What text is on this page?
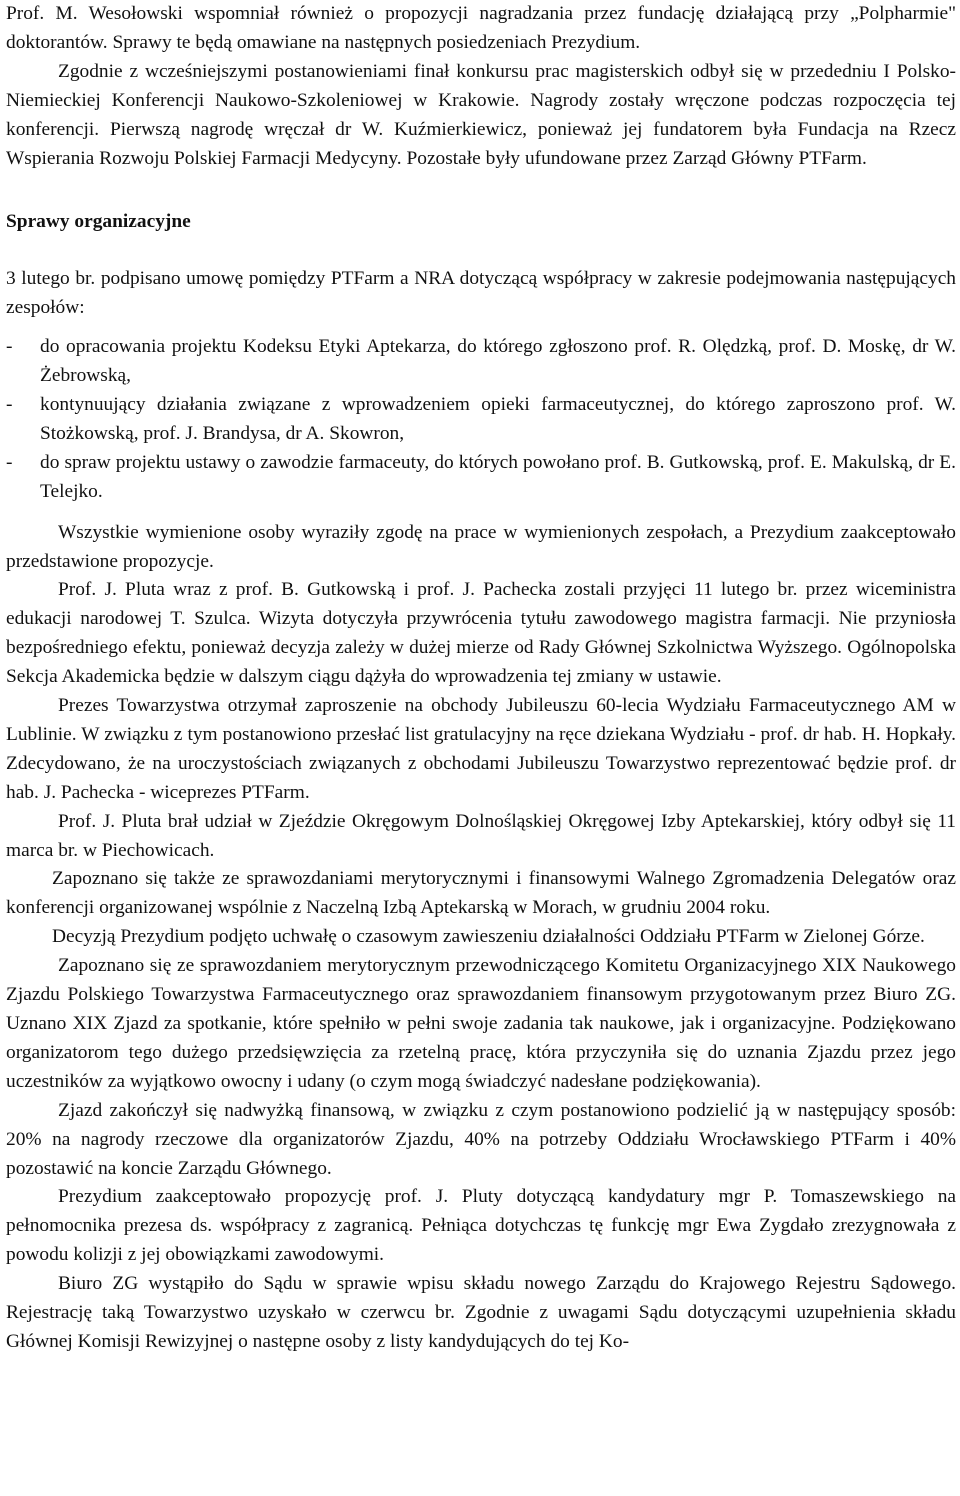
Prof. M. Wesołowski wspomniał również o propozycji nagradzania przez fundację działającą przy „Polpharmie" doktorantów. Sprawy te będą omawiane na następnych posiedzeniach Prezydium.

Zgodnie z wcześniejszymi postanowieniami finał konkursu prac magisterskich odbył się w przededniu I Polsko-Niemieckiej Konferencji Naukowo-Szkoleniowej w Krakowie. Nagrody zostały wręczone podczas rozpoczęcia tej konferencji. Pierwszą nagrodę wręczał dr W. Kuźmierkiewicz, ponieważ jej fundatorem była Fundacja na Rzecz Wspierania Rozwoju Polskiej Farmacji Medycyny. Pozostałe były ufundowane przez Zarząd Główny PTFarm.

Sprawy organizacyjne

3 lutego br. podpisano umowę pomiędzy PTFarm a NRA dotyczącą współpracy w zakresie podejmowania następujących zespołów:

- do opracowania projektu Kodeksu Etyki Aptekarza, do którego zgłoszono prof. R. Olędzką, prof. D. Moskę, dr W. Żebrowską,
- kontynuujący działania związane z wprowadzeniem opieki farmaceutycznej, do którego zaproszono prof. W. Stożkowską, prof. J. Brandysa, dr A. Skowron,
- do spraw projektu ustawy o zawodzie farmaceuty, do których powołano prof. B. Gutkowską, prof. E. Makulską, dr E. Telejko.

Wszystkie wymienione osoby wyraziły zgodę na prace w wymienionych zespołach, a Prezydium zaakceptowało przedstawione propozycje.

Prof. J. Pluta wraz z prof. B. Gutkowską i prof. J. Pachecka zostali przyjęci 11 lutego br. przez wiceministra edukacji narodowej T. Szulca. Wizyta dotyczyła przywrócenia tytułu zawodowego magistra farmacji. Nie przyniosła bezpośredniego efektu, ponieważ decyzja zależy w dużej mierze od Rady Głównej Szkolnictwa Wyższego. Ogólnopolska Sekcja Akademicka będzie w dalszym ciągu dążyła do wprowadzenia tej zmiany w ustawie.

Prezes Towarzystwa otrzymał zaproszenie na obchody Jubileuszu 60-lecia Wydziału Farmaceutycznego AM w Lublinie. W związku z tym postanowiono przesłać list gratulacyjny na ręce dziekana Wydziału - prof. dr hab. H. Hopkały. Zdecydowano, że na uroczystościach związanych z obchodami Jubileuszu Towarzystwo reprezentować będzie prof. dr hab. J. Pachecka - wiceprezes PTFarm.

Prof. J. Pluta brał udział w Zjeździe Okręgowym Dolnośląskiej Okręgowej Izby Aptekarskiej, który odbył się 11 marca br. w Piechowicach.

Zapoznano się także ze sprawozdaniami merytorycznymi i finansowymi Walnego Zgromadzenia Delegatów oraz konferencji organizowanej wspólnie z Naczelną Izbą Aptekarską w Morach, w grudniu 2004 roku.

Decyzją Prezydium podjęto uchwałę o czasowym zawieszeniu działalności Oddziału PTFarm w Zielonej Górze.

Zapoznano się ze sprawozdaniem merytorycznym przewodniczącego Komitetu Organizacyjnego XIX Naukowego Zjazdu Polskiego Towarzystwa Farmaceutycznego oraz sprawozdaniem finansowym przygotowanym przez Biuro ZG. Uznano XIX Zjazd za spotkanie, które spełniło w pełni swoje zadania tak naukowe, jak i organizacyjne. Podziękowano organizatorom tego dużego przedsięwzięcia za rzetelną pracę, która przyczyniła się do uznania Zjazdu przez jego uczestników za wyjątkowo owocny i udany (o czym mogą świadczyć nadesłane podziękowania).

Zjazd zakończył się nadwyżką finansową, w związku z czym postanowiono podzielić ją w następujący sposób: 20% na nagrody rzeczowe dla organizatorów Zjazdu, 40% na potrzeby Oddziału Wrocławskiego PTFarm i 40% pozostawić na koncie Zarządu Głównego.

Prezydium zaakceptowało propozycję prof. J. Pluty dotyczącą kandydatury mgr P. Tomaszewskiego na pełnomocnika prezesa ds. współpracy z zagranicą. Pełniąca dotychczas tę funkcję mgr Ewa Zygdało zrezygnowała z powodu kolizji z jej obowiązkami zawodowymi.

Biuro ZG wystąpiło do Sądu w sprawie wpisu składu nowego Zarządu do Krajowego Rejestru Sądowego. Rejestrację taką Towarzystwo uzyskało w czerwcu br. Zgodnie z uwagami Sądu dotyczącymi uzupełnienia składu Głównej Komisji Rewizyjnej o następne osoby z listy kandydujących do tej Ko-
